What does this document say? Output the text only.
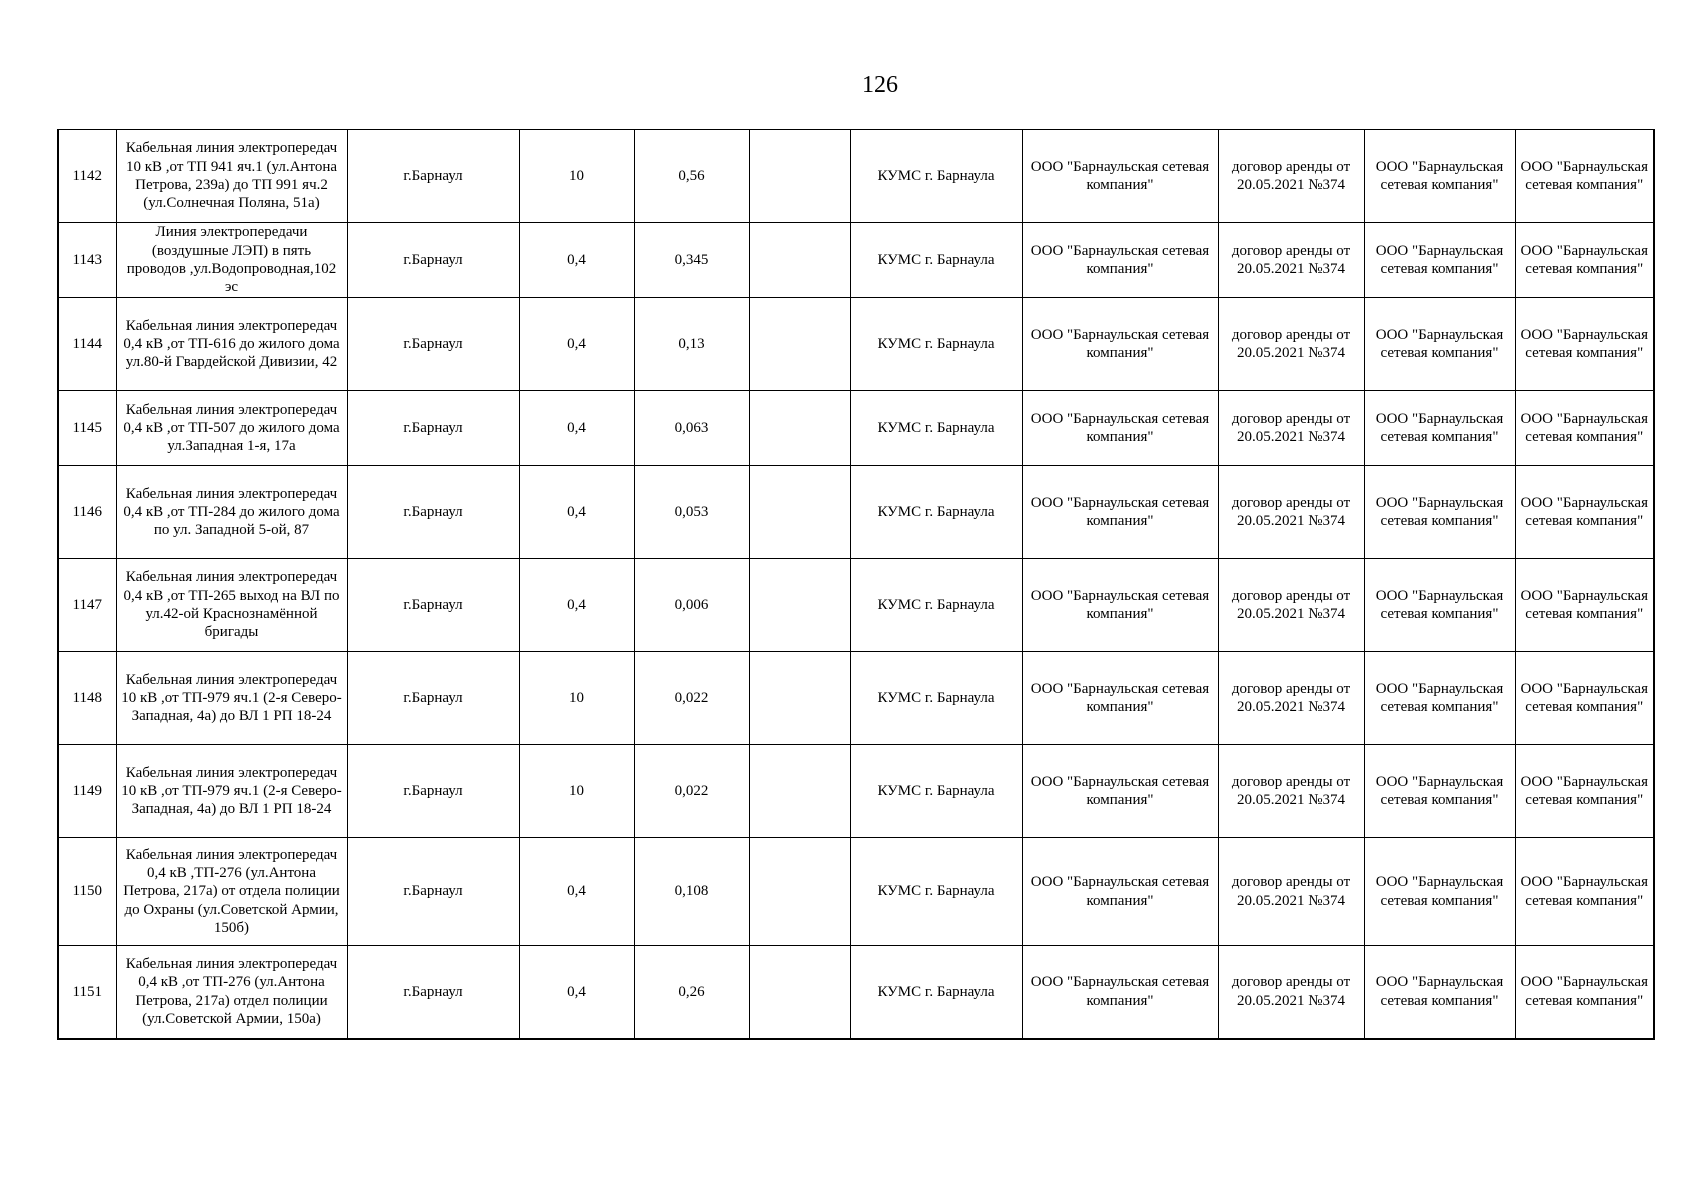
126
1142	Кабельная линия электропередач 10 кВ ,от ТП 941 яч.1 (ул.Антона Петрова, 239а) до ТП 991 яч.2 (ул.Солнечная Поляна, 51а)	г.Барнаул	10	0,56		КУМС г. Барнаула	ООО "Барнаульская сетевая компания"	договор аренды от 20.05.2021 №374	ООО "Барнаульская сетевая компания"	ООО "Барнаульская сетевая компания"
1143	Линия электропередачи (воздушные ЛЭП) в пять проводов ,ул.Водопроводная,102 эс	г.Барнаул	0,4	0,345		КУМС г. Барнаула	ООО "Барнаульская сетевая компания"	договор аренды от 20.05.2021 №374	ООО "Барнаульская сетевая компания"	ООО "Барнаульская сетевая компания"
1144	Кабельная линия электропередач 0,4 кВ ,от ТП-616 до жилого дома ул.80-й Гвардейской Дивизии, 42	г.Барнаул	0,4	0,13		КУМС г. Барнаула	ООО "Барнаульская сетевая компания"	договор аренды от 20.05.2021 №374	ООО "Барнаульская сетевая компания"	ООО "Барнаульская сетевая компания"
1145	Кабельная линия электропередач 0,4 кВ ,от ТП-507 до жилого дома ул.Западная 1-я, 17а	г.Барнаул	0,4	0,063		КУМС г. Барнаула	ООО "Барнаульская сетевая компания"	договор аренды от 20.05.2021 №374	ООО "Барнаульская сетевая компания"	ООО "Барнаульская сетевая компания"
1146	Кабельная линия электропередач 0,4 кВ ,от ТП-284 до жилого дома по ул. Западной 5-ой, 87	г.Барнаул	0,4	0,053		КУМС г. Барнаула	ООО "Барнаульская сетевая компания"	договор аренды от 20.05.2021 №374	ООО "Барнаульская сетевая компания"	ООО "Барнаульская сетевая компания"
1147	Кабельная линия электропередач 0,4 кВ ,от ТП-265 выход на ВЛ по ул.42-ой Краснознамённой бригады	г.Барнаул	0,4	0,006		КУМС г. Барнаула	ООО "Барнаульская сетевая компания"	договор аренды от 20.05.2021 №374	ООО "Барнаульская сетевая компания"	ООО "Барнаульская сетевая компания"
1148	Кабельная линия электропередач 10 кВ ,от ТП-979 яч.1 (2-я Северо-Западная, 4а) до ВЛ 1 РП 18-24	г.Барнаул	10	0,022		КУМС г. Барнаула	ООО "Барнаульская сетевая компания"	договор аренды от 20.05.2021 №374	ООО "Барнаульская сетевая компания"	ООО "Барнаульская сетевая компания"
1149	Кабельная линия электропередач 10 кВ ,от ТП-979 яч.1 (2-я Северо-Западная, 4а) до ВЛ 1 РП 18-24	г.Барнаул	10	0,022		КУМС г. Барнаула	ООО "Барнаульская сетевая компания"	договор аренды от 20.05.2021 №374	ООО "Барнаульская сетевая компания"	ООО "Барнаульская сетевая компания"
1150	Кабельная линия электропередач 0,4 кВ ,ТП-276 (ул.Антона Петрова, 217а) от отдела полиции до Охраны (ул.Советской Армии, 150б)	г.Барнаул	0,4	0,108		КУМС г. Барнаула	ООО "Барнаульская сетевая компания"	договор аренды от 20.05.2021 №374	ООО "Барнаульская сетевая компания"	ООО "Барнаульская сетевая компания"
1151	Кабельная линия электропередач 0,4 кВ ,от ТП-276 (ул.Антона Петрова, 217а) отдел полиции (ул.Советской Армии, 150а)	г.Барнаул	0,4	0,26		КУМС г. Барнаула	ООО "Барнаульская сетевая компания"	договор аренды от 20.05.2021 №374	ООО "Барнаульская сетевая компания"	ООО "Барнаульская сетевая компания"
